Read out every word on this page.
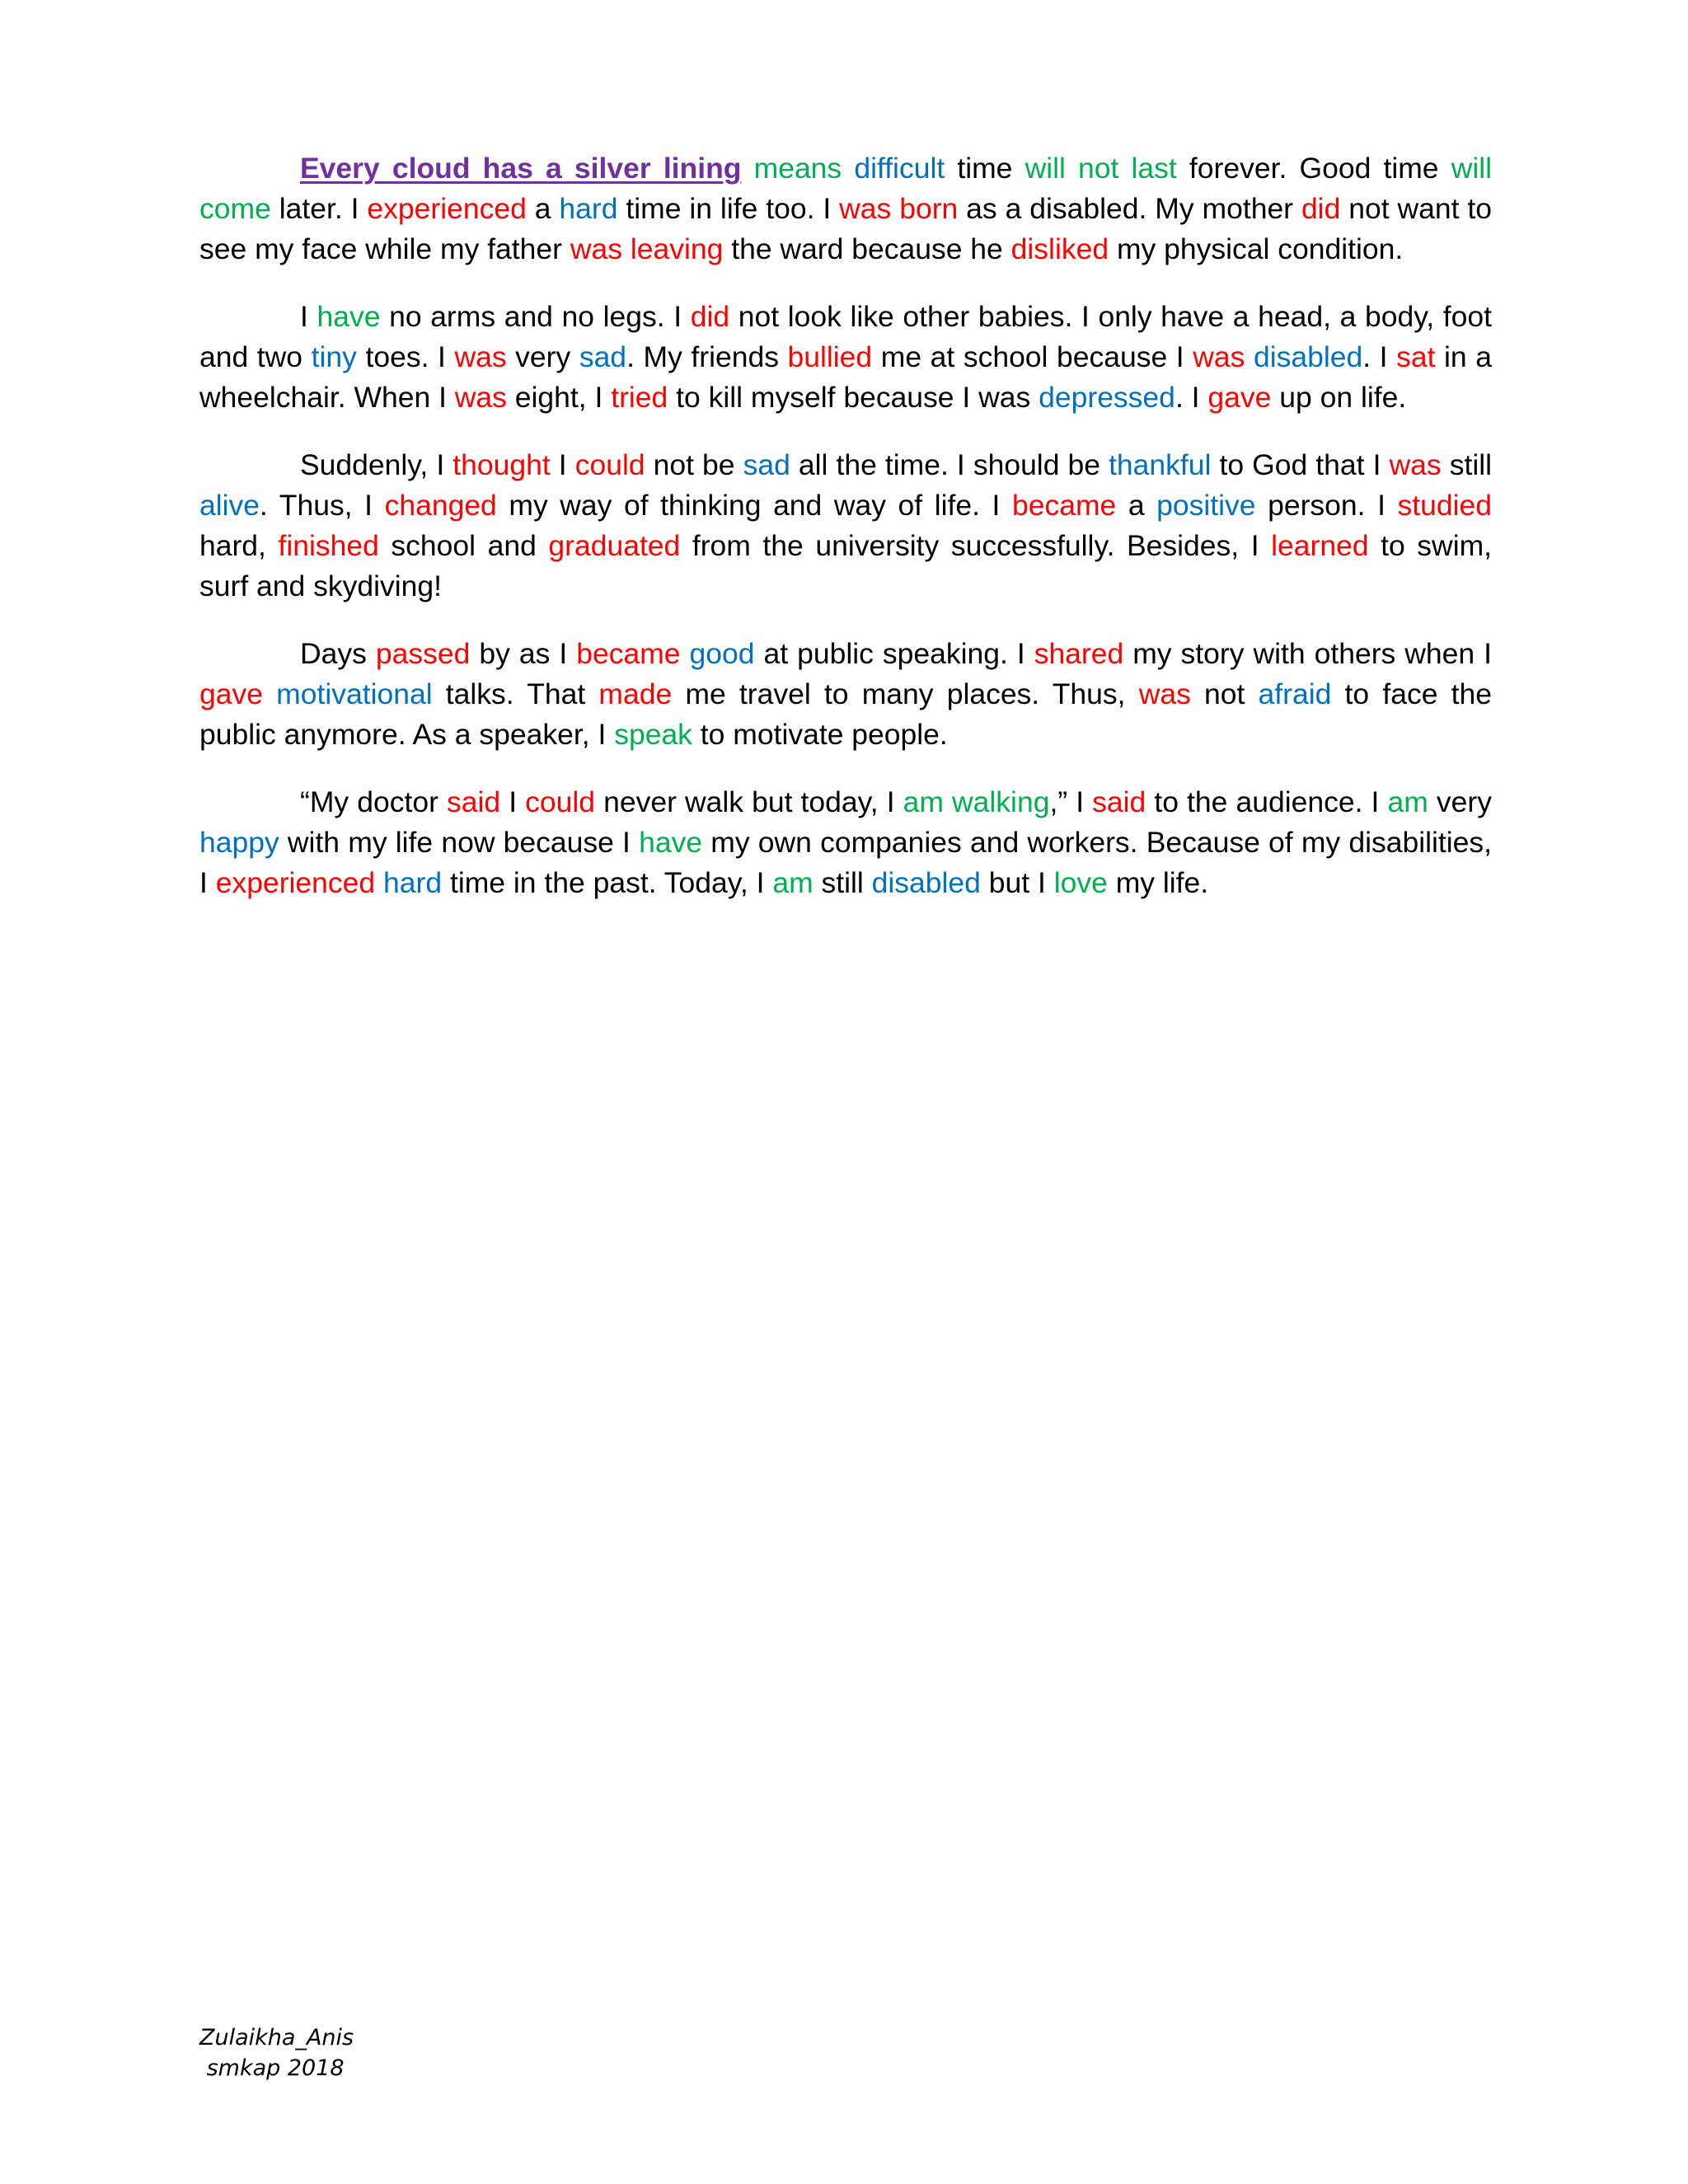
Every cloud has a silver lining means difficult time will not last forever. Good time will come later. I experienced a hard time in life too. I was born as a disabled. My mother did not want to see my face while my father was leaving the ward because he disliked my physical condition.

I have no arms and no legs. I did not look like other babies. I only have a head, a body, foot and two tiny toes. I was very sad. My friends bullied me at school because I was disabled. I sat in a wheelchair. When I was eight, I tried to kill myself because I was depressed. I gave up on life.

Suddenly, I thought I could not be sad all the time. I should be thankful to God that I was still alive. Thus, I changed my way of thinking and way of life. I became a positive person. I studied hard, finished school and graduated from the university successfully. Besides, I learned to swim, surf and skydiving!

Days passed by as I became good at public speaking. I shared my story with others when I gave motivational talks. That made me travel to many places. Thus, was not afraid to face the public anymore. As a speaker, I speak to motivate people.

“My doctor said I could never walk but today, I am walking,” I said to the audience. I am very happy with my life now because I have my own companies and workers. Because of my disabilities, I experienced hard time in the past. Today, I am still disabled but I love my life.

Zulaikha_Anis
smkap 2018
